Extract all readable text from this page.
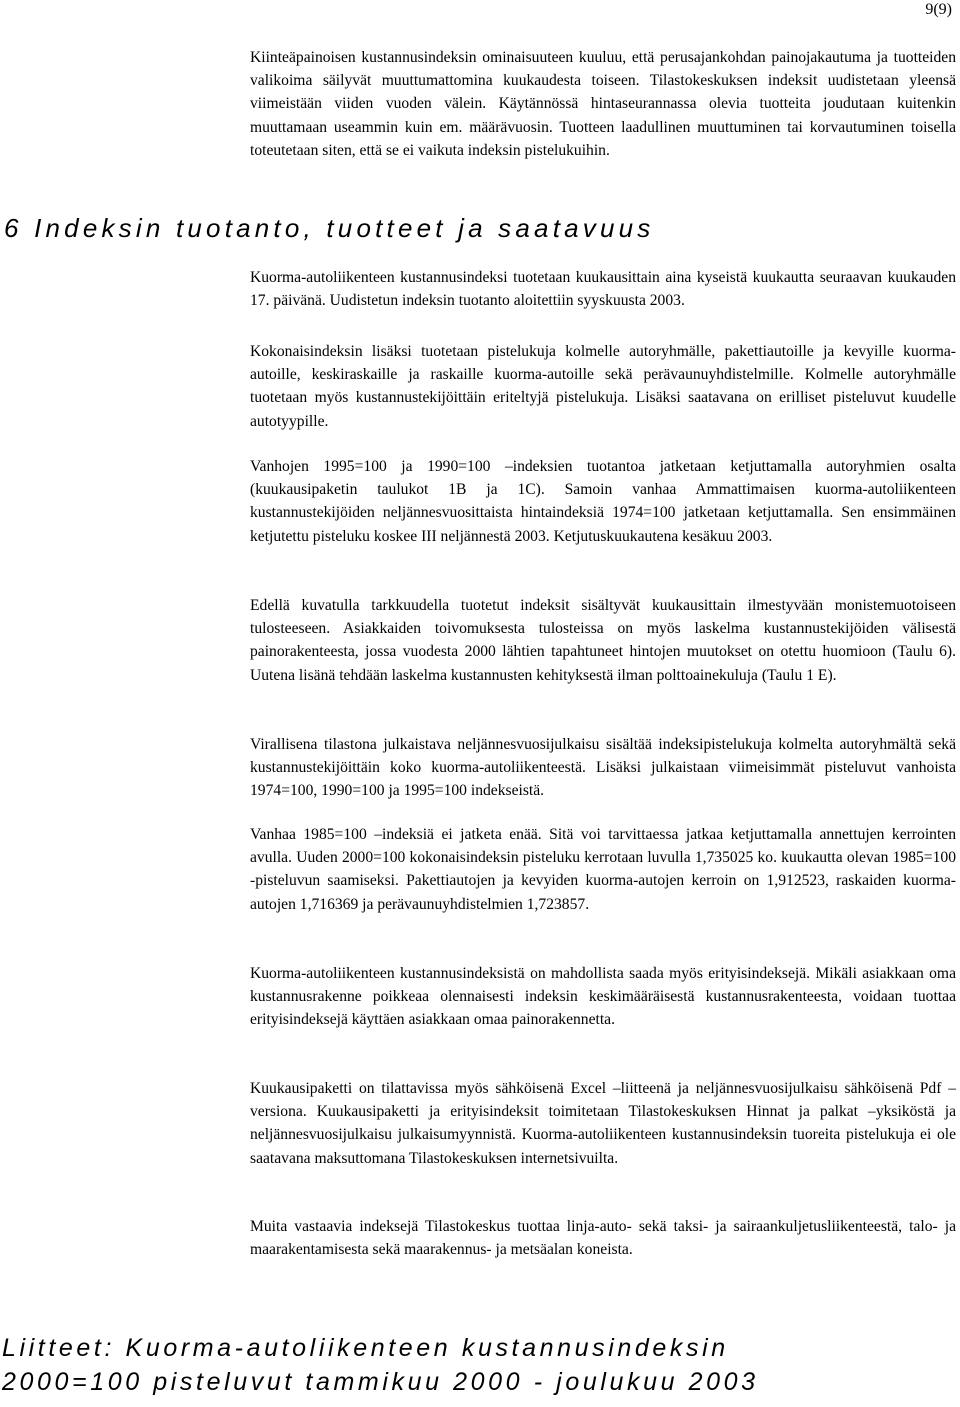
9(9)

Kiinteäpainoisen kustannusindeksin ominaisuuteen kuuluu, että perusajankohdan painojakautuma ja tuotteiden valikoima säilyvät muuttumattomina kuukaudesta toiseen. Tilastokeskuksen indeksit uudistetaan yleensä viimeistään viiden vuoden välein. Käytännössä hintaseurannassa olevia tuotteita joudutaan kuitenkin muuttamaan useammin kuin em. määrävuosin. Tuotteen laadullinen muuttuminen tai korvautuminen toisella toteutetaan siten, että se ei vaikuta indeksin pistelukuihin.

6 Indeksin tuotanto, tuotteet ja saatavuus

Kuorma-autoliikenteen kustannusindeksi tuotetaan kuukausittain aina kyseistä kuukautta seuraavan kuukauden 17. päivänä. Uudistetun indeksin tuotanto aloitettiin syyskuusta 2003.

Kokonaisindeksin lisäksi tuotetaan pistelukuja kolmelle autoryhmälle, pakettiautoille ja kevyille kuorma-autoille, keskiraskaille ja raskaille kuorma-autoille sekä perävaunuyhdistelmille. Kolmelle autoryhmälle tuotetaan myös kustannustekijöittäin eriteltyjä pistelukuja. Lisäksi saatavana on erilliset pisteluvut kuudelle autotyypille.

Vanhojen 1995=100 ja 1990=100 –indeksien tuotantoa jatketaan ketjuttamalla autoryhmien osalta (kuukausipaketin taulukot 1B ja 1C). Samoin vanhaa Ammattimaisen kuorma-autoliikenteen kustannustekijöiden neljännesvuosittaista hintaindeksiä 1974=100 jatketaan ketjuttamalla. Sen ensimmäinen ketjutettu pisteluku koskee III neljännestä 2003. Ketjutuskuukautena kesäkuu 2003.

Edellä kuvatulla tarkkuudella tuotetut indeksit sisältyvät kuukausittain ilmestyvään monistemuotoiseen tulosteeseen. Asiakkaiden toivomuksesta tulosteissa on myös laskelma kustannustekijöiden välisestä painorakenteesta, jossa vuodesta 2000 lähtien tapahtuneet hintojen muutokset on otettu huomioon (Taulu 6). Uutena lisänä tehdään laskelma kustannusten kehityksestä ilman polttoainekuluja (Taulu 1 E).

Virallisena tilastona julkaistava neljännesvuosijulkaisu sisältää indeksipistelukuja kolmelta autoryhmältä sekä kustannustekijöittäin koko kuorma-autoliikenteestä. Lisäksi julkaistaan viimeisimmät pisteluvut vanhoista 1974=100, 1990=100 ja 1995=100 indekseistä.

Vanhaa 1985=100 –indeksiä ei jatketa enää. Sitä voi tarvittaessa jatkaa ketjuttamalla annettujen kerrointen avulla. Uuden 2000=100 kokonaisindeksin pisteluku kerrotaan luvulla 1,735025 ko. kuukautta olevan 1985=100 -pisteluvun saamiseksi. Pakettiautojen ja kevyiden kuorma-autojen kerroin on 1,912523, raskaiden kuorma-autojen 1,716369 ja perävaunuyhdistelmien 1,723857.

Kuorma-autoliikenteen kustannusindeksistä on mahdollista saada myös erityisindeksejä. Mikäli asiakkaan oma kustannusrakenne poikkeaa olennaisesti indeksin keskimääräisestä kustannusrakenteesta, voidaan tuottaa erityisindeksejä käyttäen asiakkaan omaa painorakennetta.

Kuukausipaketti on tilattavissa myös sähköisenä Excel –liitteenä ja neljännesvuosijulkaisu sähköisenä Pdf –versiona. Kuukausipaketti ja erityisindeksit toimitetaan Tilastokeskuksen Hinnat ja palkat –yksiköstä ja neljännesvuosijulkaisu julkaisumyynnistä. Kuorma-autoliikenteen kustannusindeksin tuoreita pistelukuja ei ole saatavana maksuttomana Tilastokeskuksen internetsivuilta.

Muita vastaavia indeksejä Tilastokeskus tuottaa linja-auto- sekä taksi- ja sairaankuljetusliikenteestä, talo- ja maarakentamisesta sekä maarakennus- ja metsäalan koneista.

Liitteet: Kuorma-autoliikenteen kustannusindeksin
2000=100 pisteluvut tammikuu 2000 - joulukuu 2003
